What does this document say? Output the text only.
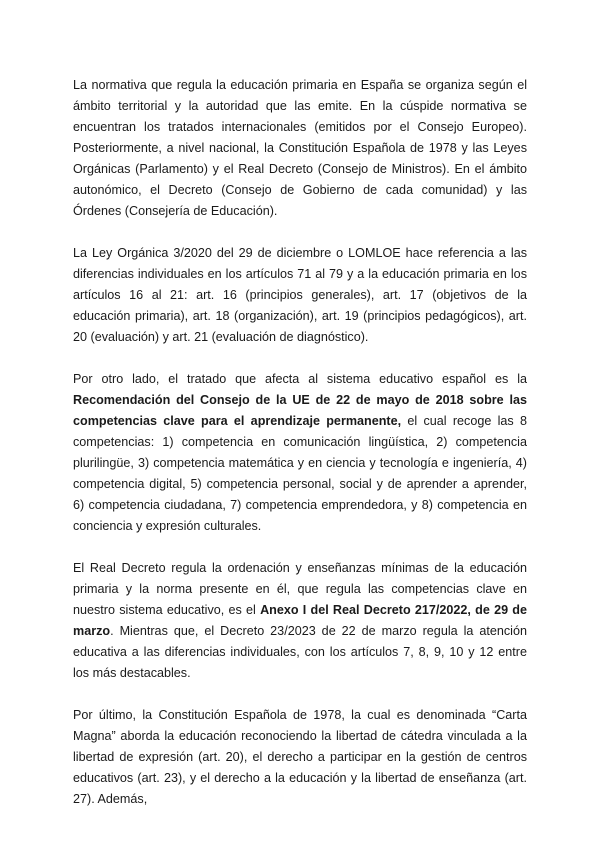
La normativa que regula la educación primaria en España se organiza según el ámbito territorial y la autoridad que las emite. En la cúspide normativa se encuentran los tratados internacionales (emitidos por el Consejo Europeo). Posteriormente, a nivel nacional, la Constitución Española de 1978 y las Leyes Orgánicas (Parlamento) y el Real Decreto (Consejo de Ministros). En el ámbito autonómico, el Decreto (Consejo de Gobierno de cada comunidad) y las Órdenes (Consejería de Educación).

La Ley Orgánica 3/2020 del 29 de diciembre o LOMLOE hace referencia a las diferencias individuales en los artículos 71 al 79 y a la educación primaria en los artículos 16 al 21: art. 16 (principios generales), art. 17 (objetivos de la educación primaria), art. 18 (organización), art. 19 (principios pedagógicos), art. 20 (evaluación) y art. 21 (evaluación de diagnóstico).

Por otro lado, el tratado que afecta al sistema educativo español es la Recomendación del Consejo de la UE de 22 de mayo de 2018 sobre las competencias clave para el aprendizaje permanente, el cual recoge las 8 competencias: 1) competencia en comunicación lingüística, 2) competencia plurilingüe, 3) competencia matemática y en ciencia y tecnología e ingeniería, 4) competencia digital, 5) competencia personal, social y de aprender a aprender, 6) competencia ciudadana, 7) competencia emprendedora, y 8) competencia en conciencia y expresión culturales.

El Real Decreto regula la ordenación y enseñanzas mínimas de la educación primaria y la norma presente en él, que regula las competencias clave en nuestro sistema educativo, es el Anexo I del Real Decreto 217/2022, de 29 de marzo. Mientras que, el Decreto 23/2023 de 22 de marzo regula la atención educativa a las diferencias individuales, con los artículos 7, 8, 9, 10 y 12 entre los más destacables.

Por último, la Constitución Española de 1978, la cual es denominada “Carta Magna” aborda la educación reconociendo la libertad de cátedra vinculada a la libertad de expresión (art. 20), el derecho a participar en la gestión de centros educativos (art. 23), y el derecho a la educación y la libertad de enseñanza (art. 27). Además,
